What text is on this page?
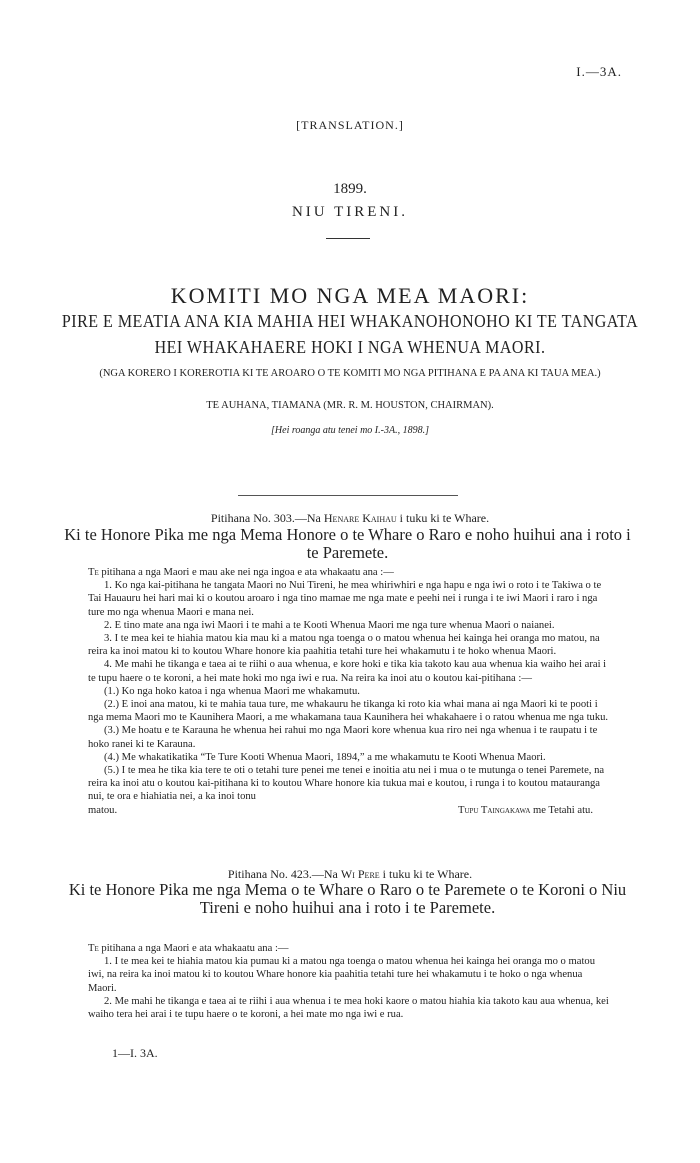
I.—3A.
[TRANSLATION.]
1899.
NIU TIRENI.
KOMITI MO NGA MEA MAORI:
PIRE E MEATIA ANA KIA MAHIA HEI WHAKANOHONOHO KI TE TANGATA HEI WHAKAHAERE HOKI I NGA WHENUA MAORI.
(NGA KORERO I KOREROTIA KI TE AROARO O TE KOMITI MO NGA PITIHANA E PA ANA KI TAUA MEA.)
TE AUHANA, TIAMANA (MR. R. M. HOUSTON, CHAIRMAN).
[Hei roanga atu tenei mo I.-3A., 1898.]
Pitihana No. 303.—Na Henare Kaihau i tuku ki te Whare.
Ki te Honore Pika me nga Mema Honore o te Whare o Raro e noho huihui ana i roto i te Paremete.

Te pitihana a nga Maori e mau ake nei nga ingoa e ata whakaatu ana :—

1. Ko nga kai-pitihana he tangata Maori no Nui Tireni, he mea whiriwhiri e nga hapu e nga iwi o roto i te Takiwa o te Tai Hauauru hei hari mai ki o koutou aroaro i nga tino mamae me nga mate e peehi nei i runga i te iwi Maori i raro i nga ture mo nga whenua Maori e mana nei.

2. E tino mate ana nga iwi Maori i te mahi a te Kooti Whenua Maori me nga ture whenua Maori o naianei.

3. I te mea kei te hiahia matou kia mau ki a matou nga toenga o o matou whenua hei kainga hei oranga mo matou, na reira ka inoi matou ki to koutou Whare honore kia paahitia tetahi ture hei whakamutu i te hoko whenua Maori.

4. Me mahi he tikanga e taea ai te riihi o aua whenua, e kore hoki e tika kia takoto kau aua whenua kia waiho hei arai i te tupu haere o te koroni, a hei mate hoki mo nga iwi e rua. Na reira ka inoi atu o koutou kai-pitihana :—

(1.) Ko nga hoko katoa i nga whenua Maori me whakamutu.

(2.) E inoi ana matou, ki te mahia taua ture, me whakauru he tikanga ki roto kia whai mana ai nga Maori ki te pooti i nga mema Maori mo te Kaunihera Maori, a me whakamana taua Kaunihera hei whakahaere i o ratou whenua me nga tuku.

(3.) Me hoatu e te Karauna he whenua hei rahui mo nga Maori kore whenua kua riro nei nga whenua i te raupatu i te hoko ranei ki te Karauna.

(4.) Me whakatikatika “Te Ture Kooti Whenua Maori, 1894,” a me whakamutu te Kooti Whenua Maori.

(5.) I te mea he tika kia tere te oti o tetahi ture penei me tenei e inoitia atu nei i mua o te mutunga o tenei Paremete, na reira ka inoi atu o koutou kai-pitihana ki to koutou Whare honore kia tukua mai e koutou, i runga i to koutou matauranga nui, te ora e hiahiatia nei, a ka inoi tonu

matou.	Tupu Taingakawa me Tetahi atu.
Pitihana No. 423.—Na Wi Pere i tuku ki te Whare.
Ki te Honore Pika me nga Mema o te Whare o Raro o te Paremete o te Koroni o Niu Tireni e noho huihui ana i roto i te Paremete.

Te pitihana a nga Maori e ata whakaatu ana :—

1. I te mea kei te hiahia matou kia pumau ki a matou nga toenga o matou whenua hei kainga hei oranga mo o matou iwi, na reira ka inoi matou ki to koutou Whare honore kia paahitia tetahi ture hei whakamutu i te hoko o nga whenua Maori.

2. Me mahi he tikanga e taea ai te riihi i aua whenua i te mea hoki kaore o matou hiahia kia takoto kau aua whenua, kei waiho tera hei arai i te tupu haere o te koroni, a hei mate mo nga iwi e rua.

1—I. 3A.
